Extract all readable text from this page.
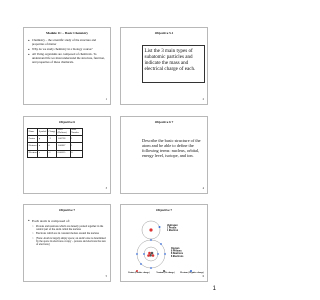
Module 1C – Basic Chemistry
● Chemistry – the scientific study of the structure and properties of matter
● Why do we study chemistry in a biology course?
● All living organisms are composed of chemicals. To understand life we must understand the structure, function, and properties of these chemicals.
1
Objective 5.1
List the 3 main types of subatomic particles and indicate the mass and electrical charge of each.
2
Objective 6
Name	Symbol	Charge	Mass (Daltons)	Mass Number
Proton	p	+1	1.00728	1
Neutron	n	0	1.00867	1
Electron	e	-1	0.00055	0
3
Objective 6 7
Describe the basic structure of the atom and be able to define the following terms: nucleus, orbital, energy level, isotope, and ion.
4
Objective 7
● Each atom is composed of:
○ Protons and neutrons which are densely packed together in the central part of the atom called the nucleus
○ Electrons which are in constant motion around the nucleus
○ [Note: Atom is largely empty space; an atom's size is determined by the space its electrons occupy – protons and electrons the size of electrons]
5
Objective 7
Hydrogen 1 Proton 1 Electron
Oxygen 8 Protons 8 Neutrons 8 Electrons
Proton (Positive charge)	Neutron (No charge)	Electron (Negative charge)
6
1
